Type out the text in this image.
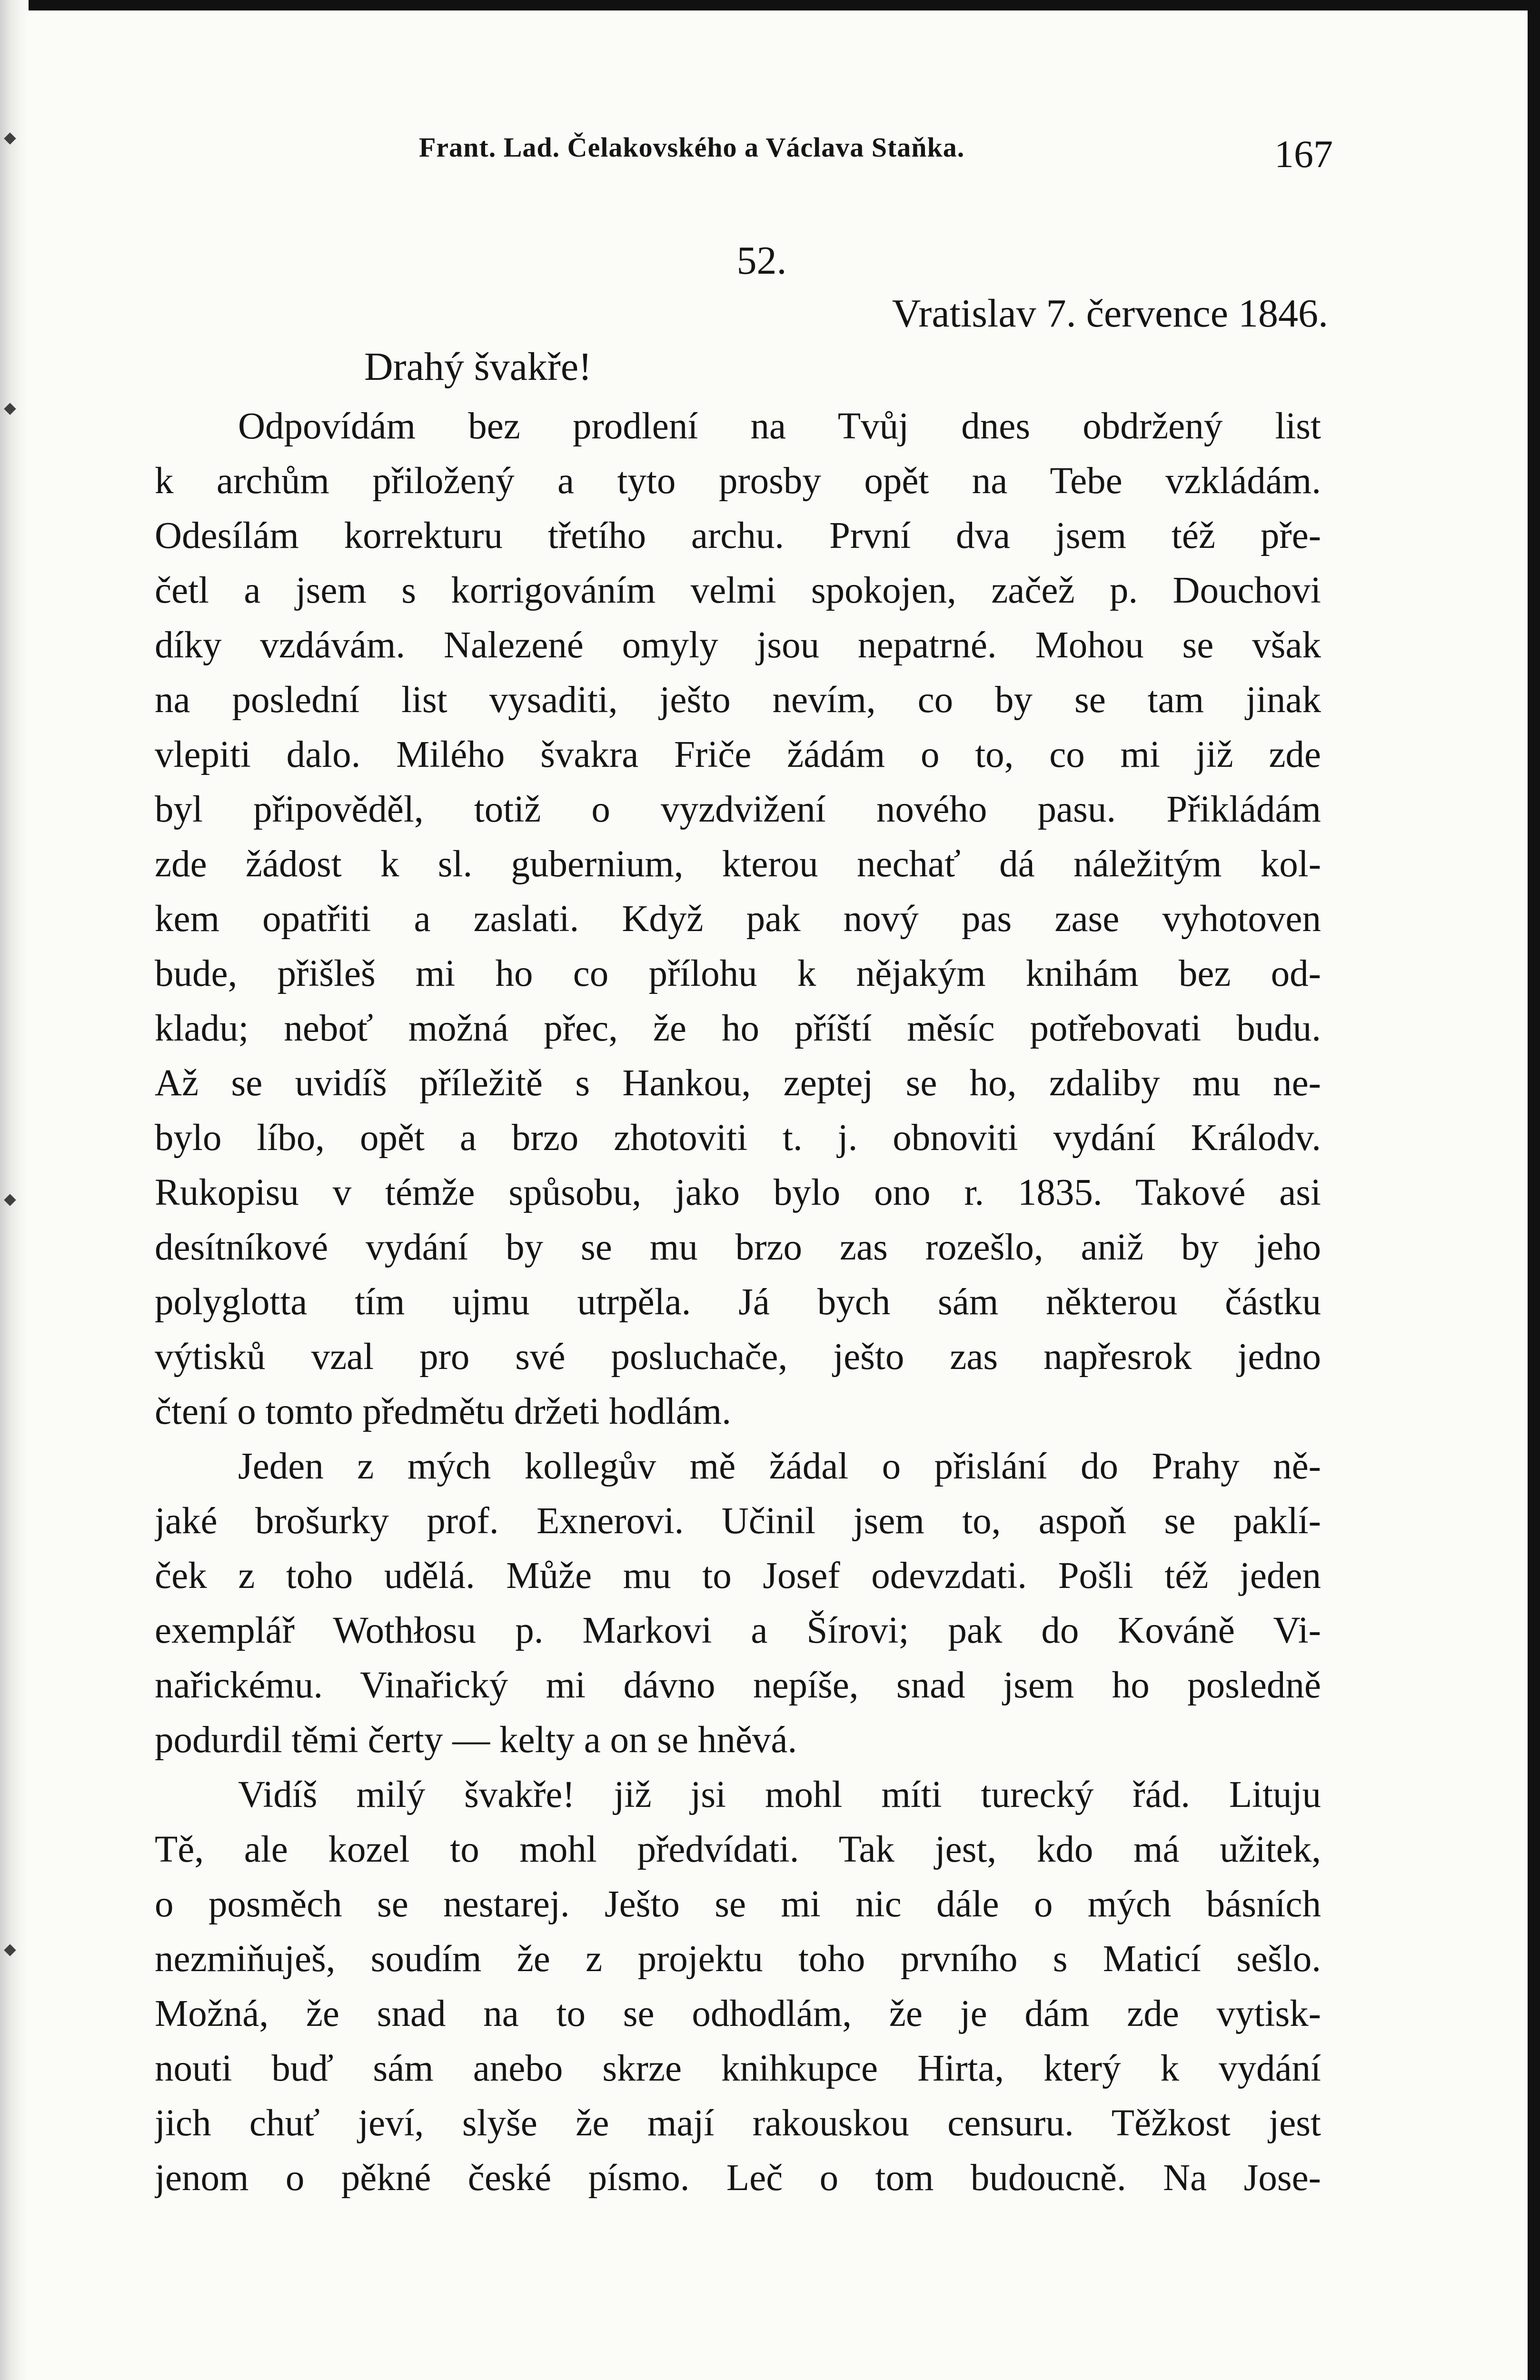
Frant. Lad. Čelakovského a Václava Staňka.	167
52.
Vratislav 7. července 1846.
Drahý švakře!
Odpovídám bez prodlení na Tvůj dnes obdržený list
k archům přiložený a tyto prosby opět na Tebe vzkládám.
Odesílám korrekturu třetího archu. První dva jsem též pře-
četl a jsem s korrigováním velmi spokojen, začež p. Douchovi
díky vzdávám. Nalezené omyly jsou nepatrné. Mohou se však
na poslední list vysaditi, ješto nevím, co by se tam jinak
vlepiti dalo. Milého švakra Friče žádám o to, co mi již zde
byl připověděl, totiž o vyzdvižení nového pasu. Přikládám
zde žádost k sl. gubernium, kterou nechať dá náležitým kol-
kem opatřiti a zaslati. Když pak nový pas zase vyhotoven
bude, přišleš mi ho co přílohu k nějakým knihám bez od-
kladu; neboť možná přec, že ho příští měsíc potřebovati budu.
Až se uvidíš příležitě s Hankou, zeptej se ho, zdaliby mu ne-
bylo líbo, opět a brzo zhotoviti t. j. obnoviti vydání Králodv.
Rukopisu v témže spůsobu, jako bylo ono r. 1835. Takové asi
desítníkové vydání by se mu brzo zas rozešlo, aniž by jeho
polyglotta tím ujmu utrpěla. Já bych sám některou částku
výtisků vzal pro své posluchače, ješto zas napřesrok jedno
čtení o tomto předmětu držeti hodlám.
Jeden z mých kollegův mě žádal o přislání do Prahy ně-
jaké brošurky prof. Exnerovi. Učinil jsem to, aspoň se paklí-
ček z toho udělá. Může mu to Josef odevzdati. Pošli též jeden
exemplář Wothłosu p. Markovi a Šírovi; pak do Kováně Vi-
nařickému. Vinařický mi dávno nepíše, snad jsem ho posledně
podurdil těmi čerty — kelty a on se hněvá.
Vidíš milý švakře! již jsi mohl míti turecký řád. Lituju
Tě, ale kozel to mohl předvídati. Tak jest, kdo má užitek,
o posměch se nestarej. Ješto se mi nic dále o mých básních
nezmiňuješ, soudím že z projektu toho prvního s Maticí sešlo.
Možná, že snad na to se odhodlám, že je dám zde vytisk-
nouti buď sám anebo skrze knihkupce Hirta, který k vydání
jich chuť jeví, slyše že mají rakouskou censuru. Těžkost jest
jenom o pěkné české písmo. Leč o tom budoucně. Na Jose-
